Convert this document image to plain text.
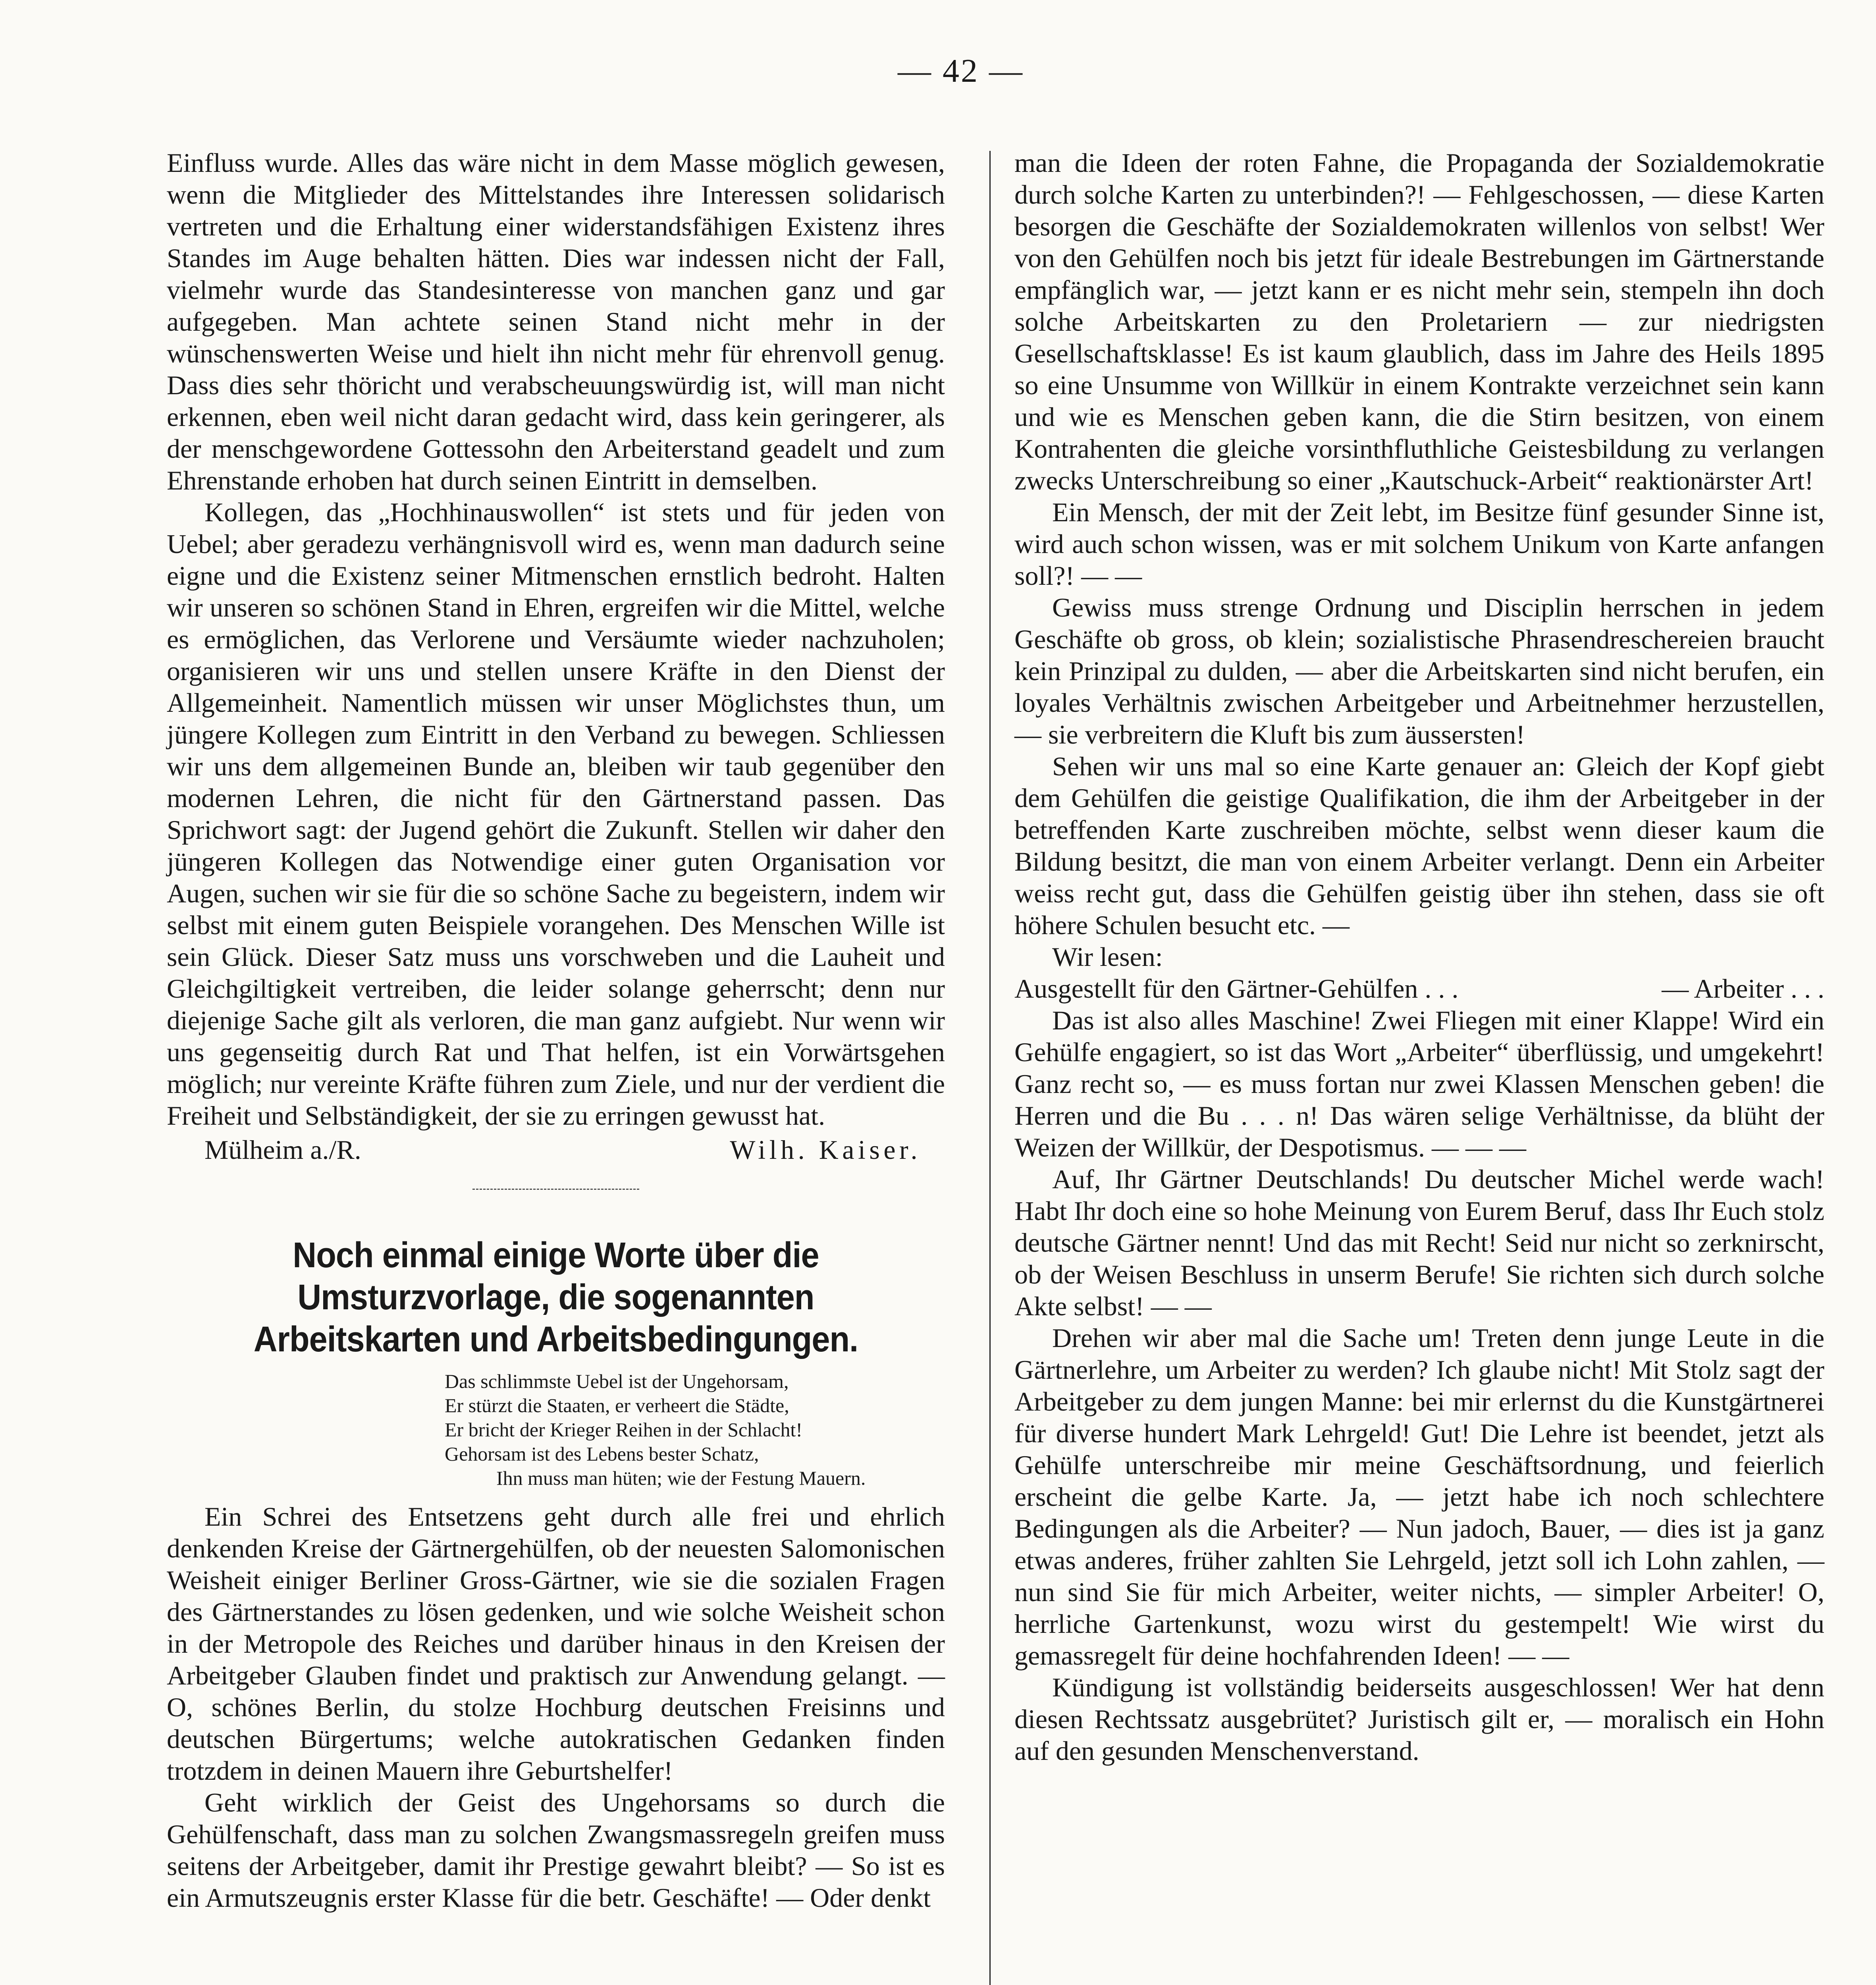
— 42 —

Einfluss wurde. Alles das wäre nicht in dem Masse möglich gewesen, wenn die Mitglieder des Mittelstandes ihre Interessen solidarisch vertreten und die Erhaltung einer widerstandsfähigen Existenz ihres Standes im Auge behalten hätten. Dies war indessen nicht der Fall, vielmehr wurde das Standesinteresse von manchen ganz und gar aufgegeben. Man achtete seinen Stand nicht mehr in der wünschenswerten Weise und hielt ihn nicht mehr für ehrenvoll genug. Dass dies sehr thöricht und verabscheuungswürdig ist, will man nicht erkennen, eben weil nicht daran gedacht wird, dass kein geringerer, als der menschgewordene Gottessohn den Arbeiterstand geadelt und zum Ehrenstande erhoben hat durch seinen Eintritt in demselben.

Kollegen, das „Hochhinauswollen“ ist stets und für jeden von Uebel; aber geradezu verhängnisvoll wird es, wenn man dadurch seine eigne und die Existenz seiner Mitmenschen ernstlich bedroht. Halten wir unseren so schönen Stand in Ehren, ergreifen wir die Mittel, welche es ermöglichen, das Verlorene und Versäumte wieder nachzuholen; organisieren wir uns und stellen unsere Kräfte in den Dienst der Allgemeinheit. Namentlich müssen wir unser Möglichstes thun, um jüngere Kollegen zum Eintritt in den Verband zu bewegen. Schliessen wir uns dem allgemeinen Bunde an, bleiben wir taub gegenüber den modernen Lehren, die nicht für den Gärtnerstand passen. Das Sprichwort sagt: der Jugend gehört die Zukunft. Stellen wir daher den jüngeren Kollegen das Notwendige einer guten Organisation vor Augen, suchen wir sie für die so schöne Sache zu begeistern, indem wir selbst mit einem guten Beispiele vorangehen. Des Menschen Wille ist sein Glück. Dieser Satz muss uns vorschweben und die Lauheit und Gleichgiltigkeit vertreiben, die leider solange geherrscht; denn nur diejenige Sache gilt als verloren, die man ganz aufgiebt. Nur wenn wir uns gegenseitig durch Rat und That helfen, ist ein Vorwärtsgehen möglich; nur vereinte Kräfte führen zum Ziele, und nur der verdient die Freiheit und Selbständigkeit, der sie zu erringen gewusst hat.

Mülheim a./R.	Wilh. Kaiser.
Noch einmal einige Worte über die Umsturzvorlage, die sogenannten Arbeitskarten und Arbeitsbedingungen.
Das schlimmste Uebel ist der Ungehorsam,
Er stürzt die Staaten, er verheert die Städte,
Er bricht der Krieger Reihen in der Schlacht!
Gehorsam ist des Lebens bester Schatz,
Ihn muss man hüten; wie der Festung Mauern.

Ein Schrei des Entsetzens geht durch alle frei und ehrlich denkenden Kreise der Gärtnergehülfen, ob der neuesten Salomonischen Weisheit einiger Berliner Gross-Gärtner, wie sie die sozialen Fragen des Gärtnerstandes zu lösen gedenken, und wie solche Weisheit schon in der Metropole des Reiches und darüber hinaus in den Kreisen der Arbeitgeber Glauben findet und praktisch zur Anwendung gelangt. — O, schönes Berlin, du stolze Hochburg deutschen Freisinns und deutschen Bürgertums; welche autokratischen Gedanken finden trotzdem in deinen Mauern ihre Geburtshelfer!

Geht wirklich der Geist des Ungehorsams so durch die Gehülfenschaft, dass man zu solchen Zwangsmassregeln greifen muss seitens der Arbeitgeber, damit ihr Prestige gewahrt bleibt? — So ist es ein Armutszeugnis erster Klasse für die betr. Geschäfte! — Oder denkt

man die Ideen der roten Fahne, die Propaganda der Sozialdemokratie durch solche Karten zu unterbinden?! — Fehlgeschossen, — diese Karten besorgen die Geschäfte der Sozialdemokraten willenlos von selbst! Wer von den Gehülfen noch bis jetzt für ideale Bestrebungen im Gärtnerstande empfänglich war, — jetzt kann er es nicht mehr sein, stempeln ihn doch solche Arbeitskarten zu den Proletariern — zur niedrigsten Gesellschaftsklasse! Es ist kaum glaublich, dass im Jahre des Heils 1895 so eine Unsumme von Willkür in einem Kontrakte verzeichnet sein kann und wie es Menschen geben kann, die die Stirn besitzen, von einem Kontrahenten die gleiche vorsinthfluthliche Geistesbildung zu verlangen zwecks Unterschreibung so einer „Kautschuck-Arbeit“ reaktionärster Art!

Ein Mensch, der mit der Zeit lebt, im Besitze fünf gesunder Sinne ist, wird auch schon wissen, was er mit solchem Unikum von Karte anfangen soll?! — —

Gewiss muss strenge Ordnung und Disciplin herrschen in jedem Geschäfte ob gross, ob klein; sozialistische Phrasendreschereien braucht kein Prinzipal zu dulden, — aber die Arbeitskarten sind nicht berufen, ein loyales Verhältnis zwischen Arbeitgeber und Arbeitnehmer herzustellen, — sie verbreitern die Kluft bis zum äussersten!

Sehen wir uns mal so eine Karte genauer an: Gleich der Kopf giebt dem Gehülfen die geistige Qualifikation, die ihm der Arbeitgeber in der betreffenden Karte zuschreiben möchte, selbst wenn dieser kaum die Bildung besitzt, die man von einem Arbeiter verlangt. Denn ein Arbeiter weiss recht gut, dass die Gehülfen geistig über ihn stehen, dass sie oft höhere Schulen besucht etc. —

Wir lesen:

Ausgestellt für den Gärtner-Gehülfen . . .	— Arbeiter . . .

Das ist also alles Maschine! Zwei Fliegen mit einer Klappe! Wird ein Gehülfe engagiert, so ist das Wort „Arbeiter“ überflüssig, und umgekehrt! Ganz recht so, — es muss fortan nur zwei Klassen Menschen geben! die Herren und die Bu . . . n! Das wären selige Verhältnisse, da blüht der Weizen der Willkür, der Despotismus. — — —

Auf, Ihr Gärtner Deutschlands! Du deutscher Michel werde wach! Habt Ihr doch eine so hohe Meinung von Eurem Beruf, dass Ihr Euch stolz deutsche Gärtner nennt! Und das mit Recht! Seid nur nicht so zerknirscht, ob der Weisen Beschluss in unserm Berufe! Sie richten sich durch solche Akte selbst! — —

Drehen wir aber mal die Sache um! Treten denn junge Leute in die Gärtnerlehre, um Arbeiter zu werden? Ich glaube nicht! Mit Stolz sagt der Arbeitgeber zu dem jungen Manne: bei mir erlernst du die Kunstgärtnerei für diverse hundert Mark Lehrgeld! Gut! Die Lehre ist beendet, jetzt als Gehülfe unterschreibe mir meine Geschäftsordnung, und feierlich erscheint die gelbe Karte. Ja, — jetzt habe ich noch schlechtere Bedingungen als die Arbeiter? — Nun jadoch, Bauer, — dies ist ja ganz etwas anderes, früher zahlten Sie Lehrgeld, jetzt soll ich Lohn zahlen, — nun sind Sie für mich Arbeiter, weiter nichts, — simpler Arbeiter! O, herrliche Gartenkunst, wozu wirst du gestempelt! Wie wirst du gemassregelt für deine hochfahrenden Ideen! — —

Kündigung ist vollständig beiderseits ausgeschlossen! Wer hat denn diesen Rechtssatz ausgebrütet? Juristisch gilt er, — moralisch ein Hohn auf den gesunden Menschenverstand.
